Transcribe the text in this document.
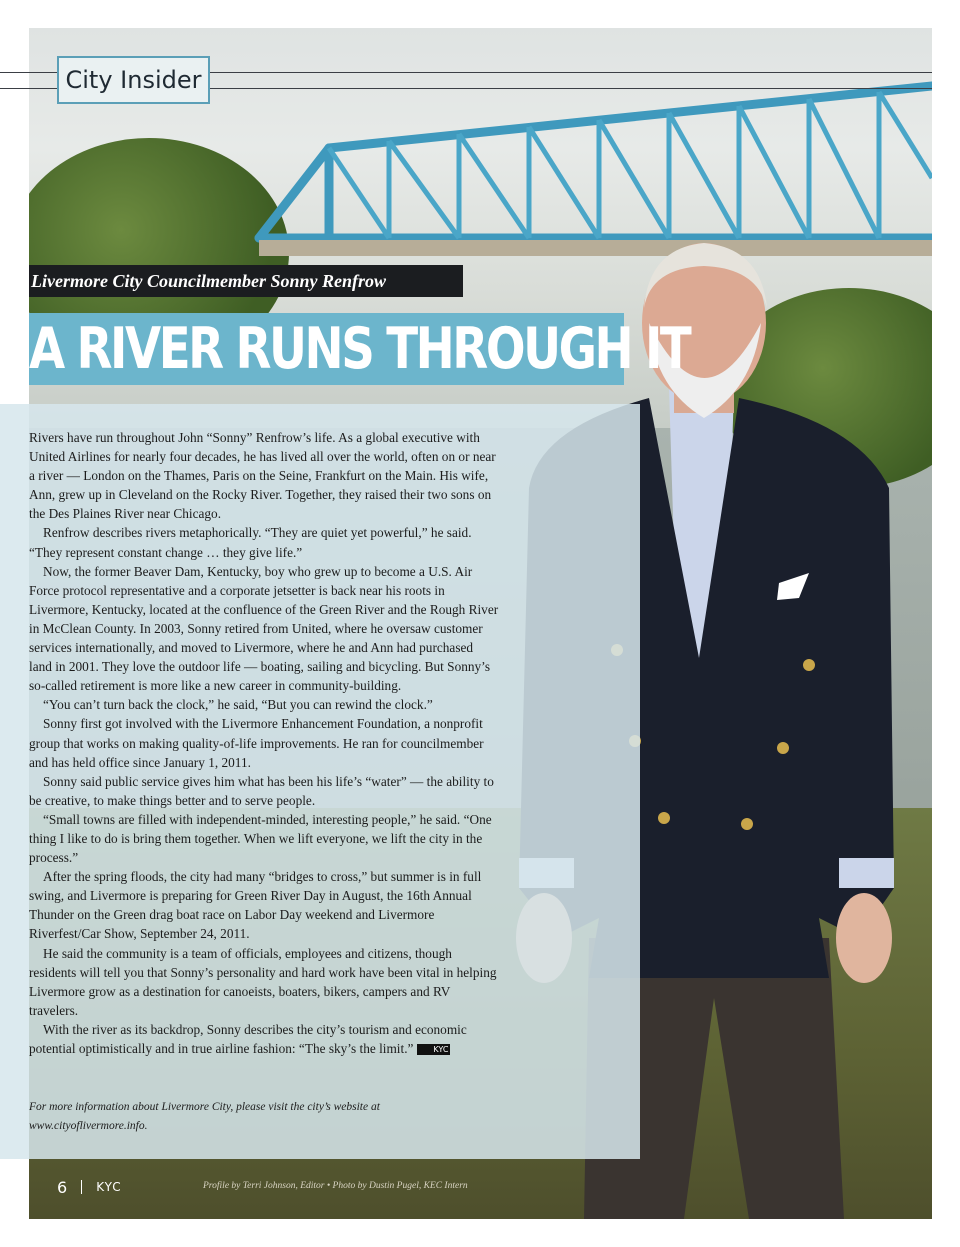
City Insider
Livermore City Councilmember Sonny Renfrow
A RIVER RUNS THROUGH IT

Rivers have run throughout John “Sonny” Renfrow’s life. As a global executive with United Airlines for nearly four decades, he has lived all over the world, often on or near a river — London on the Thames, Paris on the Seine, Frankfurt on the Main. His wife, Ann, grew up in Cleveland on the Rocky River. Together, they raised their two sons on the Des Plaines River near Chicago.

Renfrow describes rivers metaphorically. “They are quiet yet powerful,” he said. “They represent constant change … they give life.”

Now, the former Beaver Dam, Kentucky, boy who grew up to become a U.S. Air Force protocol representative and a corporate jetsetter is back near his roots in Livermore, Kentucky, located at the confluence of the Green River and the Rough River in McClean County. In 2003, Sonny retired from United, where he oversaw customer services internationally, and moved to Livermore, where he and Ann had purchased land in 2001. They love the outdoor life — boating, sailing and bicycling. But Sonny’s so-called retirement is more like a new career in community-building.

“You can’t turn back the clock,” he said, “But you can rewind the clock.”

Sonny first got involved with the Livermore Enhancement Foundation, a nonprofit group that works on making quality-of-life improvements. He ran for councilmember and has held office since January 1, 2011.

Sonny said public service gives him what has been his life’s “water” — the ability to be creative, to make things better and to serve people.

“Small towns are filled with independent-minded, interesting people,” he said. “One thing I like to do is bring them together. When we lift everyone, we lift the city in the process.”

After the spring floods, the city had many “bridges to cross,” but summer is in full swing, and Livermore is preparing for Green River Day in August, the 16th Annual Thunder on the Green drag boat race on Labor Day weekend and Livermore Riverfest/Car Show, September 24, 2011.

He said the community is a team of officials, employees and citizens, though residents will tell you that Sonny’s personality and hard work have been vital in helping Livermore grow as a destination for canoeists, boaters, bikers, campers and RV travelers.

With the river as its backdrop, Sonny describes the city’s tourism and economic potential optimistically and in true airline fashion: “The sky’s the limit.”	KYC

For more information about Livermore City, please visit the city’s website at www.cityoflivermore.info.
6 KYC	Profile by Terri Johnson, Editor • Photo by Dustin Pugel, KEC Intern
